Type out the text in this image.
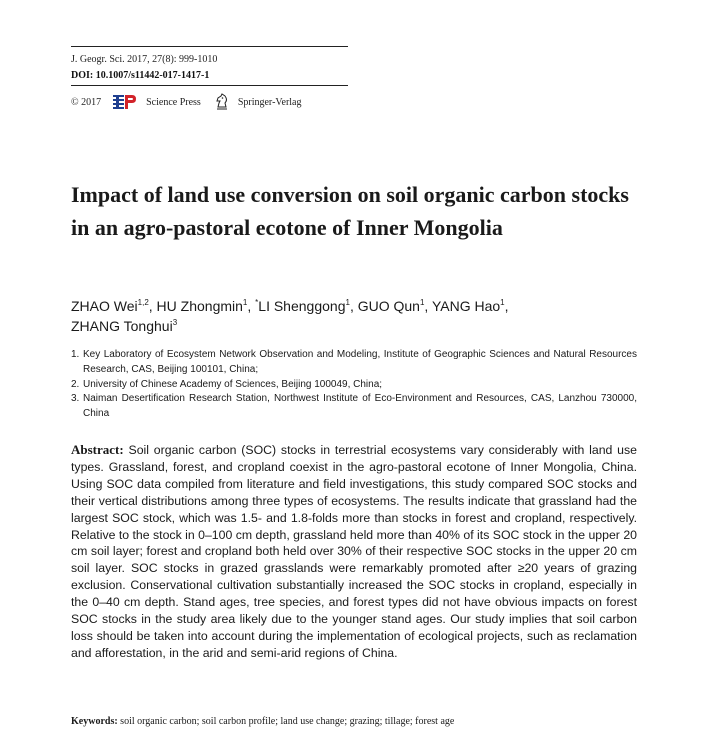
J. Geogr. Sci. 2017, 27(8): 999-1010
DOI: 10.1007/s11442-017-1417-1
© 2017	Science Press	Springer-Verlag
Impact of land use conversion on soil organic carbon stocks in an agro-pastoral ecotone of Inner Mongolia
ZHAO Wei$^{1,2}$, HU Zhongmin$^1$, *LI Shenggong$^1$, GUO Qun$^1$, YANG Hao$^1$,
ZHANG Tonghui$^3$
1. Key Laboratory of Ecosystem Network Observation and Modeling, Institute of Geographic Sciences and Natural Resources Research, CAS, Beijing 100101, China;
2. University of Chinese Academy of Sciences, Beijing 100049, China;
3. Naiman Desertification Research Station, Northwest Institute of Eco-Environment and Resources, CAS, Lanzhou 730000, China

Abstract: Soil organic carbon (SOC) stocks in terrestrial ecosystems vary considerably with land use types. Grassland, forest, and cropland coexist in the agro-pastoral ecotone of Inner Mongolia, China. Using SOC data compiled from literature and field investigations, this study compared SOC stocks and their vertical distributions among three types of ecosystems. The results indicate that grassland had the largest SOC stock, which was 1.5- and 1.8-folds more than stocks in forest and cropland, respectively. Relative to the stock in 0–100 cm depth, grassland held more than 40% of its SOC stock in the upper 20 cm soil layer; forest and cropland both held over 30% of their respective SOC stocks in the upper 20 cm soil layer. SOC stocks in grazed grasslands were remarkably promoted after ≥20 years of grazing exclusion. Conservational cultivation substantially increased the SOC stocks in cropland, especially in the 0–40 cm depth. Stand ages, tree species, and forest types did not have obvious impacts on forest SOC stocks in the study area likely due to the younger stand ages. Our study implies that soil carbon loss should be taken into account during the implementation of ecological projects, such as reclamation and afforestation, in the arid and semi-arid regions of China.

Keywords: soil organic carbon; soil carbon profile; land use change; grazing; tillage; forest age
